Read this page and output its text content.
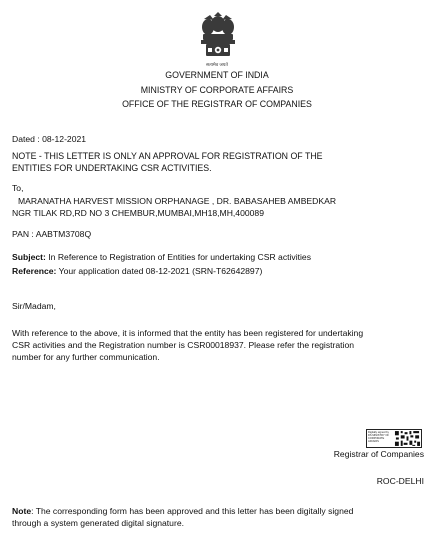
सत्यमेव जयते
GOVERNMENT OF INDIA
MINISTRY OF CORPORATE AFFAIRS
OFFICE OF THE REGISTRAR OF COMPANIES
Dated : 08-12-2021
NOTE - THIS LETTER IS ONLY AN APPROVAL FOR REGISTRATION OF THE
ENTITIES FOR UNDERTAKING CSR ACTIVITIES.
To,
MARANATHA HARVEST MISSION ORPHANAGE , DR. BABASAHEB AMBEDKAR
NGR TILAK RD,RD NO 3 CHEMBUR,MUMBAI,MH18,MH,400089
PAN : AABTM3708Q
Subject: In Reference to Registration of Entities for undertaking CSR activities
Reference: Your application dated 08-12-2021 (SRN-T62642897)
Sir/Madam,
With reference to the above, it is informed that the entity has been registered for undertaking
CSR activities and the Registration number is CSR00018937. Please refer the registration
number for any further communication.
Digitally signed by
DS MINISTRY OF
CORPORATE AFFAIRS
Registrar of Companies
ROC-DELHI
Note: The corresponding form has been approved and this letter has been digitally signed
through a system generated digital signature.
